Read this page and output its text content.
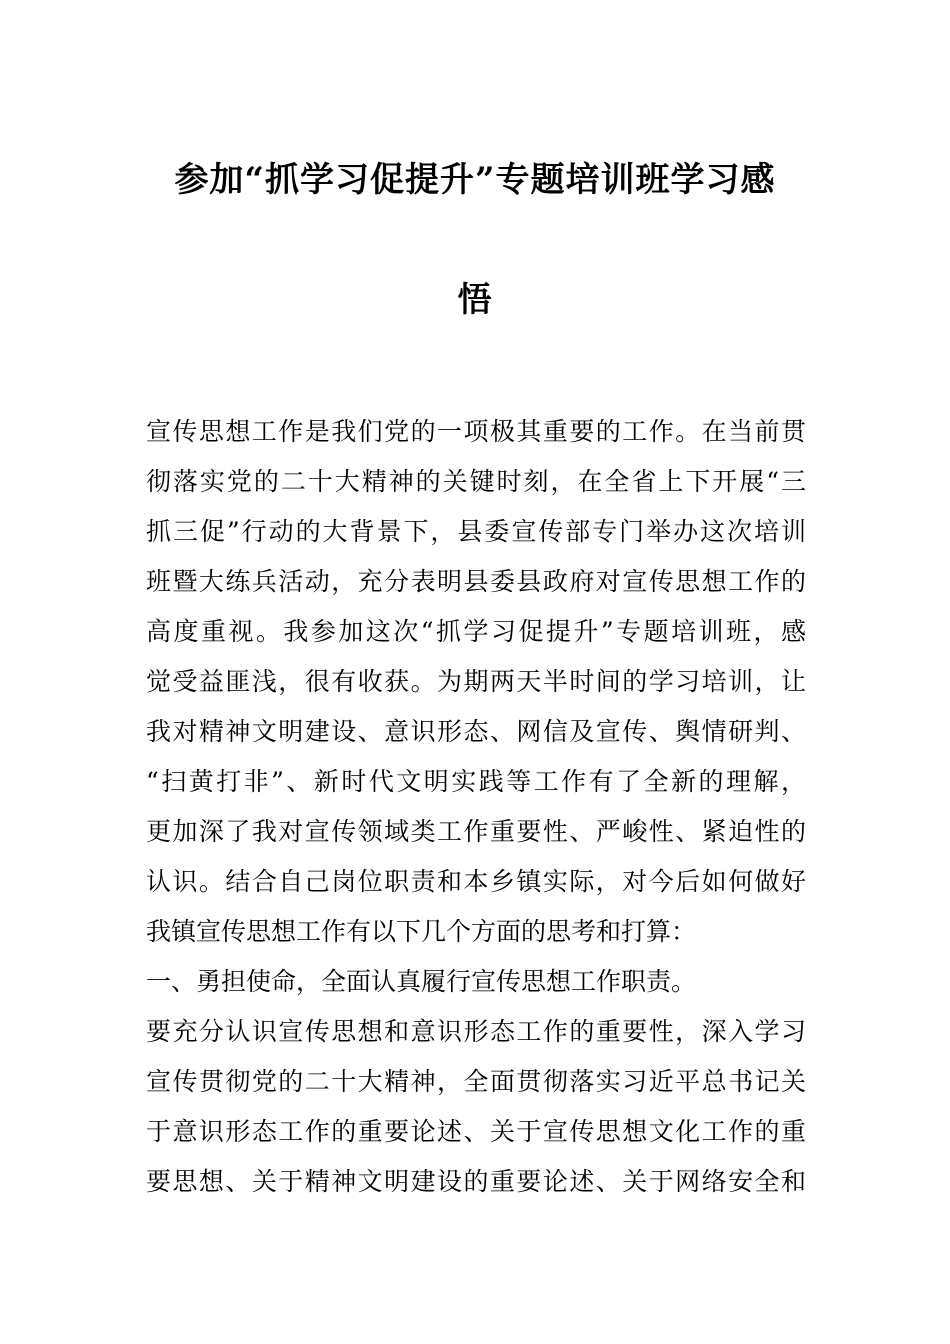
参加“抓学习促提升”专题培训班学习感
悟
宣传思想工作是我们党的一项极其重要的工作。在当前贯
彻落实党的二十大精神的关键时刻，在全省上下开展“三
抓三促”行动的大背景下，县委宣传部专门举办这次培训
班暨大练兵活动，充分表明县委县政府对宣传思想工作的
高度重视。我参加这次“抓学习促提升”专题培训班，感
觉受益匪浅，很有收获。为期两天半时间的学习培训，让
我对精神文明建设、意识形态、网信及宣传、舆情研判、
“扫黄打非”、新时代文明实践等工作有了全新的理解，
更加深了我对宣传领域类工作重要性、严峻性、紧迫性的
认识。结合自己岗位职责和本乡镇实际，对今后如何做好
我镇宣传思想工作有以下几个方面的思考和打算：
一、勇担使命，全面认真履行宣传思想工作职责。
要充分认识宣传思想和意识形态工作的重要性，深入学习
宣传贯彻党的二十大精神，全面贯彻落实习近平总书记关
于意识形态工作的重要论述、关于宣传思想文化工作的重
要思想、关于精神文明建设的重要论述、关于网络安全和
